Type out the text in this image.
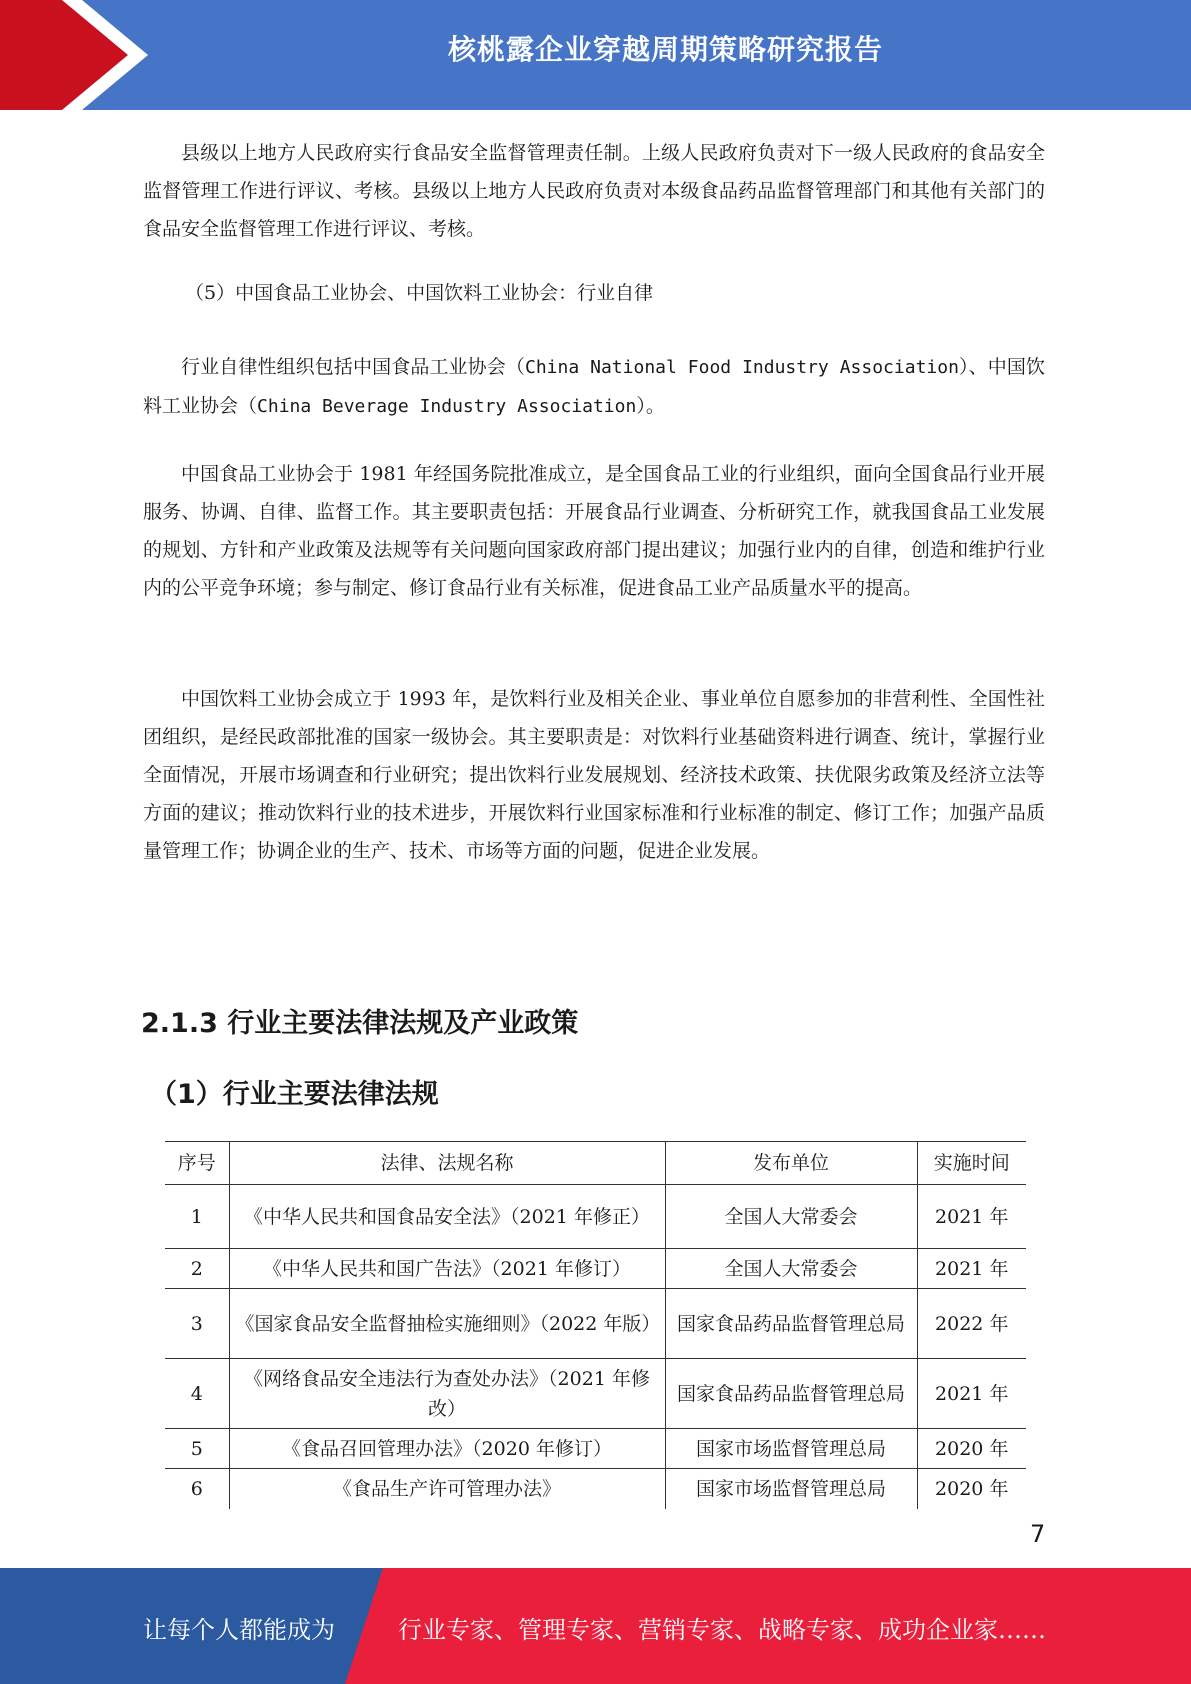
核桃露企业穿越周期策略研究报告

县级以上地方人民政府实行食品安全监督管理责任制。上级人民政府负责对下一级人民政府的食品安全监督管理工作进行评议、考核。县级以上地方人民政府负责对本级食品药品监督管理部门和其他有关部门的食品安全监督管理工作进行评议、考核。

（5）中国食品工业协会、中国饮料工业协会：行业自律

行业自律性组织包括中国食品工业协会（China National Food Industry Association）、中国饮料工业协会（China Beverage Industry Association）。

中国食品工业协会于 1981 年经国务院批准成立，是全国食品工业的行业组织，面向全国食品行业开展服务、协调、自律、监督工作。其主要职责包括：开展食品行业调查、分析研究工作，就我国食品工业发展的规划、方针和产业政策及法规等有关问题向国家政府部门提出建议；加强行业内的自律，创造和维护行业内的公平竞争环境；参与制定、修订食品行业有关标准，促进食品工业产品质量水平的提高。

中国饮料工业协会成立于 1993 年，是饮料行业及相关企业、事业单位自愿参加的非营利性、全国性社团组织，是经民政部批准的国家一级协会。其主要职责是：对饮料行业基础资料进行调查、统计，掌握行业全面情况，开展市场调查和行业研究；提出饮料行业发展规划、经济技术政策、扶优限劣政策及经济立法等方面的建议；推动饮料行业的技术进步，开展饮料行业国家标准和行业标准的制定、修订工作；加强产品质量管理工作；协调企业的生产、技术、市场等方面的问题，促进企业发展。

2.1.3 行业主要法律法规及产业政策
（1）行业主要法律法规
序号	法律、法规名称	发布单位	实施时间
1	《中华人民共和国食品安全法》（2021 年修正）	全国人大常委会	2021 年
2	《中华人民共和国广告法》（2021 年修订）	全国人大常委会	2021 年
3	《国家食品安全监督抽检实施细则》（2022 年版）	国家食品药品监督管理总局	2022 年
4	《网络食品安全违法行为查处办法》（2021 年修改）	国家食品药品监督管理总局	2021 年
5	《食品召回管理办法》（2020 年修订）	国家市场监督管理总局	2020 年
6	《食品生产许可管理办法》	国家市场监督管理总局	2020 年
7
让每个人都能成为	行业专家、管理专家、营销专家、战略专家、成功企业家……
